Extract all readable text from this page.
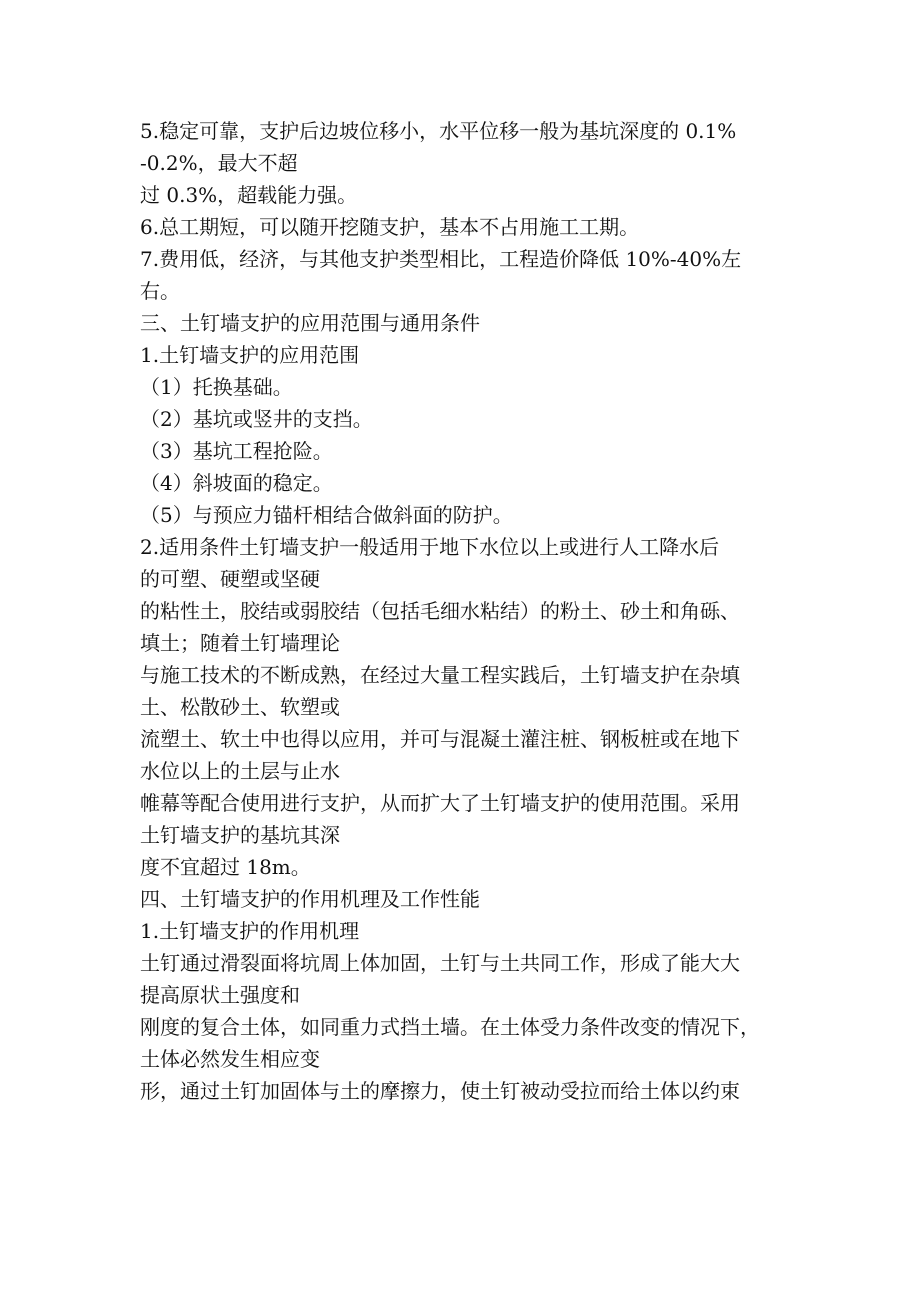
5.稳定可靠，支护后边坡位移小，水平位移一般为基坑深度的 0.1%
-0.2%，最大不超
过 0.3%，超载能力强。
6.总工期短，可以随开挖随支护，基本不占用施工工期。
7.费用低，经济，与其他支护类型相比，工程造价降低 10%-40%左
右。
三、土钉墙支护的应用范围与通用条件
1.土钉墙支护的应用范围
（1）托换基础。
（2）基坑或竖井的支挡。
（3）基坑工程抢险。
（4）斜坡面的稳定。
（5）与预应力锚杆相结合做斜面的防护。
2.适用条件土钉墙支护一般适用于地下水位以上或进行人工降水后
的可塑、硬塑或坚硬
的粘性土，胶结或弱胶结（包括毛细水粘结）的粉土、砂土和角砾、
填土；随着土钉墙理论
与施工技术的不断成熟，在经过大量工程实践后，土钉墙支护在杂填
土、松散砂土、软塑或
流塑土、软土中也得以应用，并可与混凝土灌注桩、钢板桩或在地下
水位以上的土层与止水
帷幕等配合使用进行支护，从而扩大了土钉墙支护的使用范围。采用
土钉墙支护的基坑其深
度不宜超过 18m。
四、土钉墙支护的作用机理及工作性能
1.土钉墙支护的作用机理
土钉通过滑裂面将坑周上体加固，土钉与土共同工作，形成了能大大
提高原状土强度和
刚度的复合土体，如同重力式挡土墙。在土体受力条件改变的情况下，
土体必然发生相应变
形，通过土钉加固体与土的摩擦力，使土钉被动受拉而给土体以约束
